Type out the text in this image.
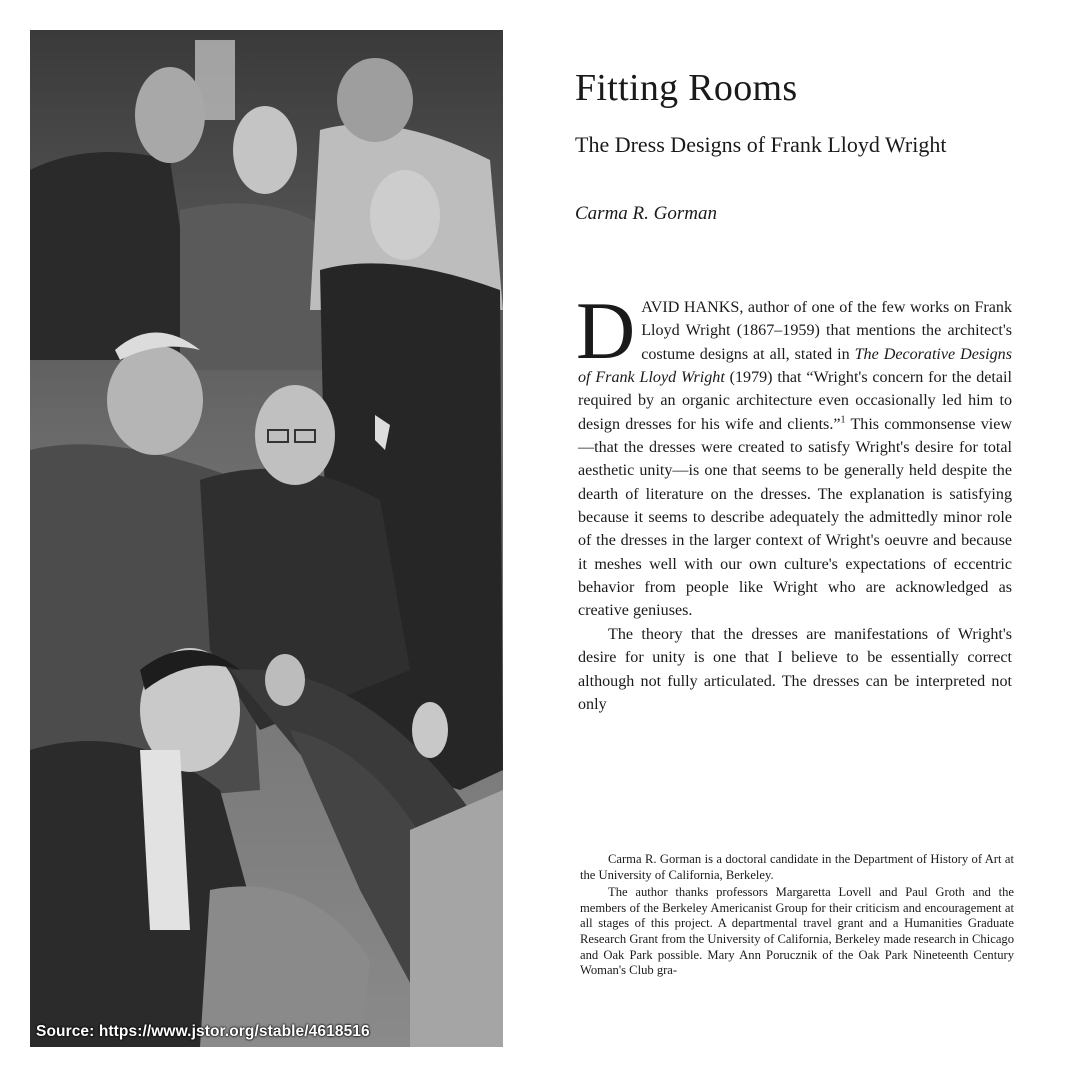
Source: https://www.jstor.org/stable/4618516
Fitting Rooms
The Dress Designs of Frank Lloyd Wright
Carma R. Gorman

DAVID HANKS, author of one of the few works on Frank Lloyd Wright (1867–1959) that mentions the architect's costume designs at all, stated in The Decorative Designs of Frank Lloyd Wright (1979) that “Wright's concern for the detail required by an organic architecture even occasionally led him to design dresses for his wife and clients.”$^1$ This commonsense view—that the dresses were created to satisfy Wright's desire for total aesthetic unity—is one that seems to be generally held despite the dearth of literature on the dresses. The explanation is satisfying because it seems to describe adequately the admittedly minor role of the dresses in the larger context of Wright's oeuvre and because it meshes well with our own culture's expectations of eccentric behavior from people like Wright who are acknowledged as creative geniuses.

The theory that the dresses are manifestations of Wright's desire for unity is one that I believe to be essentially correct although not fully articulated. The dresses can be interpreted not only

Carma R. Gorman is a doctoral candidate in the Department of History of Art at the University of California, Berkeley.

The author thanks professors Margaretta Lovell and Paul Groth and the members of the Berkeley Americanist Group for their criticism and encouragement at all stages of this project. A departmental travel grant and a Humanities Graduate Research Grant from the University of California, Berkeley made research in Chicago and Oak Park possible. Mary Ann Porucznik of the Oak Park Nineteenth Century Woman's Club gra-
